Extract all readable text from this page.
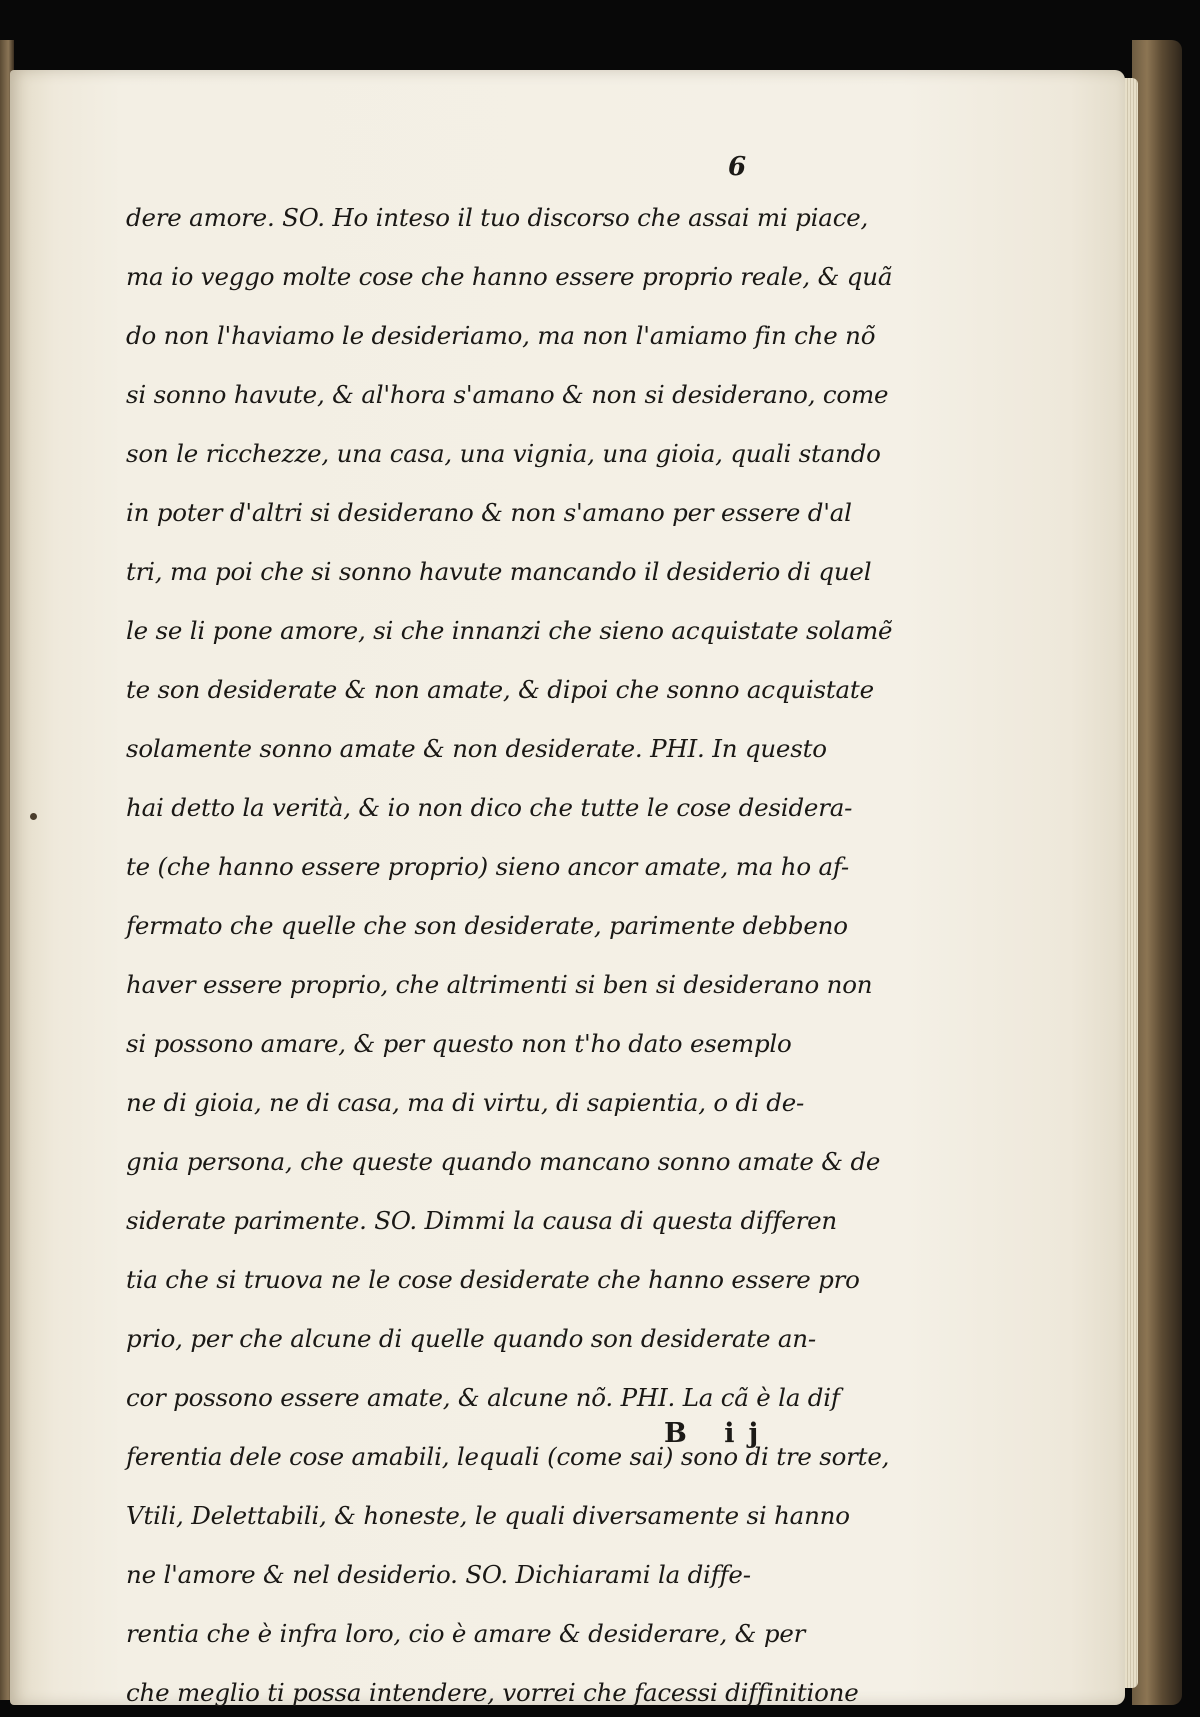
6
dere amore. SO. Ho inteso il tuo discorso che assai mi piace,
ma io veggo molte cose che hanno essere proprio reale, & quã
do non l'haviamo le desideriamo, ma non l'amiamo fin che nõ
si sonno havute, & al'hora s'amano & non si desiderano, come
son le ricchezze, una casa, una vignia, una gioia, quali stando
in poter d'altri si desiderano & non s'amano per essere d'al
tri, ma poi che si sonno havute mancando il desiderio di quel
le se li pone amore, si che innanzi che sieno acquistate solamẽ
te son desiderate & non amate, & dipoi che sonno acquistate
solamente sonno amate & non desiderate. PHI. In questo
hai detto la verità, & io non dico che tutte le cose desidera-
te (che hanno essere proprio) sieno ancor amate, ma ho af-
fermato che quelle che son desiderate, parimente debbeno
haver essere proprio, che altrimenti si ben si desiderano non
si possono amare, & per questo non t'ho dato esemplo
ne di gioia, ne di casa, ma di virtu, di sapientia, o di de-
gnia persona, che queste quando mancano sonno amate & de
siderate parimente. SO. Dimmi la causa di questa differen
tia che si truova ne le cose desiderate che hanno essere pro
prio, per che alcune di quelle quando son desiderate an-
cor possono essere amate, & alcune nõ. PHI. La cã è la dif
ferentia dele cose amabili, lequali (come sai) sono di tre sorte,
Vtili, Delettabili, & honeste, le quali diversamente si hanno
ne l'amore & nel desiderio. SO. Dichiarami la diffe-
rentia che è infra loro, cio è amare & desiderare, & per
che meglio ti possa intendere, vorrei che facessi diffinitione
B ij
